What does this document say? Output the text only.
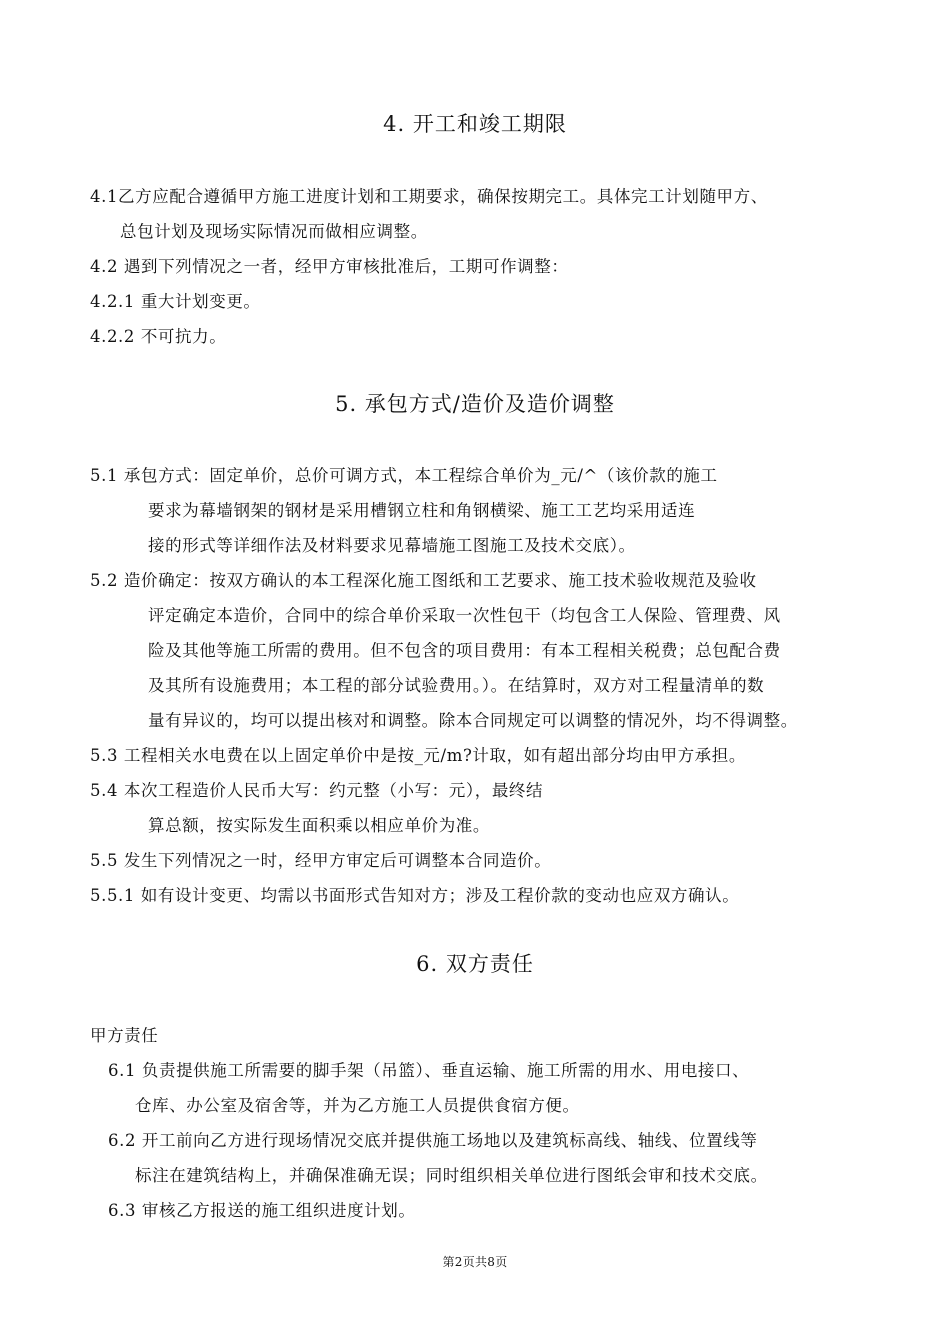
4. 开工和竣工期限
4.1乙方应配合遵循甲方施工进度计划和工期要求，确保按期完工。具体完工计划随甲方、
总包计划及现场实际情况而做相应调整。
4.2 遇到下列情况之一者，经甲方审核批准后，工期可作调整：
4.2.1 重大计划变更。
4.2.2 不可抗力。
5. 承包方式/造价及造价调整
5.1 承包方式：固定单价，总价可调方式，本工程综合单价为_元/^（该价款的施工
要求为幕墙钢架的钢材是采用槽钢立柱和角钢横梁、施工工艺均采用适连
接的形式等详细作法及材料要求见幕墙施工图施工及技术交底）。
5.2 造价确定：按双方确认的本工程深化施工图纸和工艺要求、施工技术验收规范及验收
评定确定本造价，合同中的综合单价采取一次性包干（均包含工人保险、管理费、风
险及其他等施工所需的费用。但不包含的项目费用：有本工程相关税费；总包配合费
及其所有设施费用；本工程的部分试验费用。）。在结算时，双方对工程量清单的数
量有异议的，均可以提出核对和调整。除本合同规定可以调整的情况外，均不得调整。
5.3 工程相关水电费在以上固定单价中是按_元/m?计取，如有超出部分均由甲方承担。
5.4 本次工程造价人民币大写：约元整（小写：元），最终结
算总额，按实际发生面积乘以相应单价为准。
5.5 发生下列情况之一时，经甲方审定后可调整本合同造价。
5.5.1 如有设计变更、均需以书面形式告知对方；涉及工程价款的变动也应双方确认。
6. 双方责任
甲方责任
6.1 负责提供施工所需要的脚手架（吊篮）、垂直运输、施工所需的用水、用电接口、
仓库、办公室及宿舍等，并为乙方施工人员提供食宿方便。
6.2 开工前向乙方进行现场情况交底并提供施工场地以及建筑标高线、轴线、位置线等
标注在建筑结构上，并确保准确无误；同时组织相关单位进行图纸会审和技术交底。
6.3 审核乙方报送的施工组织进度计划。
第2页共8页
